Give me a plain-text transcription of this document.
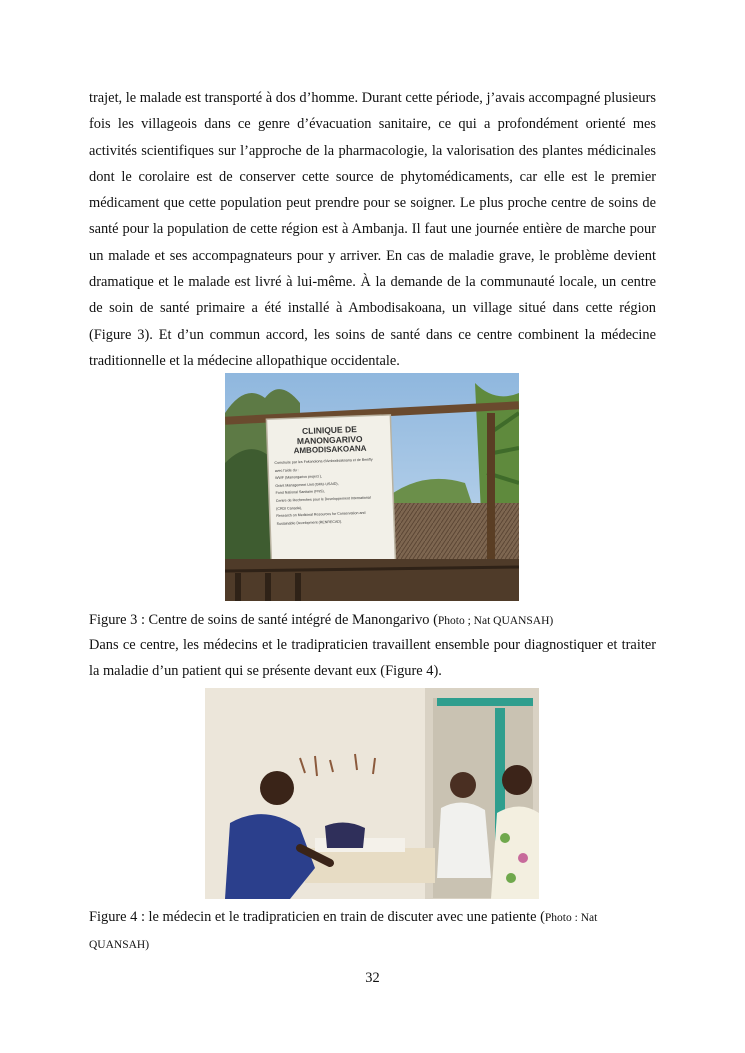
trajet, le malade est transporté à dos d’homme. Durant cette période, j’avais accompagné plusieurs fois les villageois dans ce genre d’évacuation sanitaire, ce qui a profondément orienté mes activités scientifiques sur l’approche de la pharmacologie, la valorisation des plantes médicinales dont le corolaire est de conserver cette source de phytomédicaments, car elle est le premier médicament que cette population peut prendre pour se soigner. Le plus proche centre de soins de santé pour la population de cette région est à Ambanja. Il faut une journée entière de marche pour un malade et ses accompagnateurs pour y arriver. En cas de maladie grave, le problème devient dramatique et le malade est livré à lui-même. À la demande de la communauté locale, un centre de soin de santé primaire a été installé à Ambodisakoana, un village situé dans cette région (Figure 3). Et d’un commun accord, les soins de santé dans ce centre combinent la médecine traditionnelle et la médecine allopathique occidentale.

CLINIQUE DE MANONGARIVO
AMBODISAKOANA
Construite par les Fokonolona d'Ambodisakoana et de Benifly
avec l'aide du :
WWF (Manongarivo project ),
Grant Management Unit (GMU-USAID),
Fond National Sanitaire (FNS),
Centre de Recherches pour le Developpement International
(CRDI Canada),
Research on Medicinal Resources for Conservation and
Sustainable Development (RENRECAD).

Figure 3 : Centre de soins de santé intégré de Manongarivo (Photo ; Nat QUANSAH)

Dans ce centre, les médecins et le tradipraticien travaillent ensemble pour diagnostiquer et traiter la maladie d’un patient qui se présente devant eux (Figure 4).

Figure 4 : le médecin et le tradipraticien en train de discuter avec une patiente (Photo : Nat QUANSAH)

32
